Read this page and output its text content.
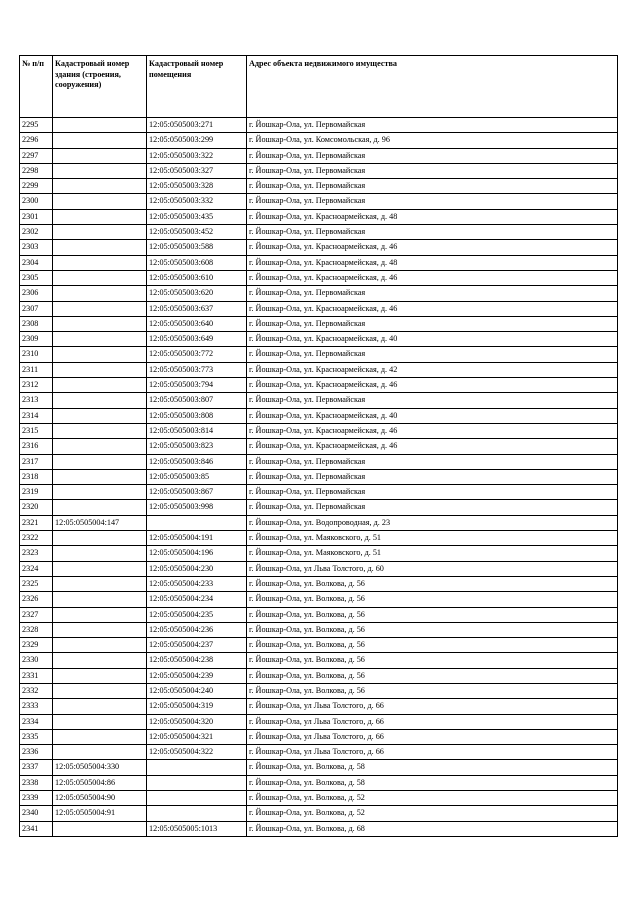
№ п/п	Кадастровый номер здания (строения, сооружения)	Кадастровый номер помещения	Адрес объекта недвижимого имущества
2295		12:05:0505003:271	г. Йошкар-Ола, ул. Первомайская
2296		12:05:0505003:299	г. Йошкар-Ола, ул. Комсомольская, д. 96
2297		12:05:0505003:322	г. Йошкар-Ола, ул. Первомайская
2298		12:05:0505003:327	г. Йошкар-Ола, ул. Первомайская
2299		12:05:0505003:328	г. Йошкар-Ола, ул. Первомайская
2300		12:05:0505003:332	г. Йошкар-Ола, ул. Первомайская
2301		12:05:0505003:435	г. Йошкар-Ола, ул. Красноармейская, д. 48
2302		12:05:0505003:452	г. Йошкар-Ола, ул. Первомайская
2303		12:05:0505003:588	г. Йошкар-Ола, ул. Красноармейская, д. 46
2304		12:05:0505003:608	г. Йошкар-Ола, ул. Красноармейская, д. 48
2305		12:05:0505003:610	г. Йошкар-Ола, ул. Красноармейская, д. 46
2306		12:05:0505003:620	г. Йошкар-Ола, ул. Первомайская
2307		12:05:0505003:637	г. Йошкар-Ола, ул. Красноармейская, д. 46
2308		12:05:0505003:640	г. Йошкар-Ола, ул. Первомайская
2309		12:05:0505003:649	г. Йошкар-Ола, ул. Красноармейская, д. 40
2310		12:05:0505003:772	г. Йошкар-Ола, ул. Первомайская
2311		12:05:0505003:773	г. Йошкар-Ола, ул. Красноармейская, д. 42
2312		12:05:0505003:794	г. Йошкар-Ола, ул. Красноармейская, д. 46
2313		12:05:0505003:807	г. Йошкар-Ола, ул. Первомайская
2314		12:05:0505003:808	г. Йошкар-Ола, ул. Красноармейская, д. 40
2315		12:05:0505003:814	г. Йошкар-Ола, ул. Красноармейская, д. 46
2316		12:05:0505003:823	г. Йошкар-Ола, ул. Красноармейская, д. 46
2317		12:05:0505003:846	г. Йошкар-Ола, ул. Первомайская
2318		12:05:0505003:85	г. Йошкар-Ола, ул. Первомайская
2319		12:05:0505003:867	г. Йошкар-Ола, ул. Первомайская
2320		12:05:0505003:998	г. Йошкар-Ола, ул. Первомайская
2321	12:05:0505004:147		г. Йошкар-Ола, ул. Водопроводная, д. 23
2322		12:05:0505004:191	г. Йошкар-Ола, ул. Маяковского, д. 51
2323		12:05:0505004:196	г. Йошкар-Ола, ул. Маяковского, д. 51
2324		12:05:0505004:230	г. Йошкар-Ола, ул Льва Толстого, д. 60
2325		12:05:0505004:233	г. Йошкар-Ола, ул. Волкова, д. 56
2326		12:05:0505004:234	г. Йошкар-Ола, ул. Волкова, д. 56
2327		12:05:0505004:235	г. Йошкар-Ола, ул. Волкова, д. 56
2328		12:05:0505004:236	г. Йошкар-Ола, ул. Волкова, д. 56
2329		12:05:0505004:237	г. Йошкар-Ола, ул. Волкова, д. 56
2330		12:05:0505004:238	г. Йошкар-Ола, ул. Волкова, д. 56
2331		12:05:0505004:239	г. Йошкар-Ола, ул. Волкова, д. 56
2332		12:05:0505004:240	г. Йошкар-Ола, ул. Волкова, д. 56
2333		12:05:0505004:319	г. Йошкар-Ола, ул Льва Толстого, д. 66
2334		12:05:0505004:320	г. Йошкар-Ола, ул Льва Толстого, д. 66
2335		12:05:0505004:321	г. Йошкар-Ола, ул Льва Толстого, д. 66
2336		12:05:0505004:322	г. Йошкар-Ола, ул Льва Толстого, д. 66
2337	12:05:0505004:330		г. Йошкар-Ола, ул. Волкова, д. 58
2338	12:05:0505004:86		г. Йошкар-Ола, ул. Волкова, д. 58
2339	12:05:0505004:90		г. Йошкар-Ола, ул. Волкова, д. 52
2340	12:05:0505004:91		г. Йошкар-Ола, ул. Волкова, д. 52
2341		12:05:0505005:1013	г. Йошкар-Ола, ул. Волкова, д. 68
